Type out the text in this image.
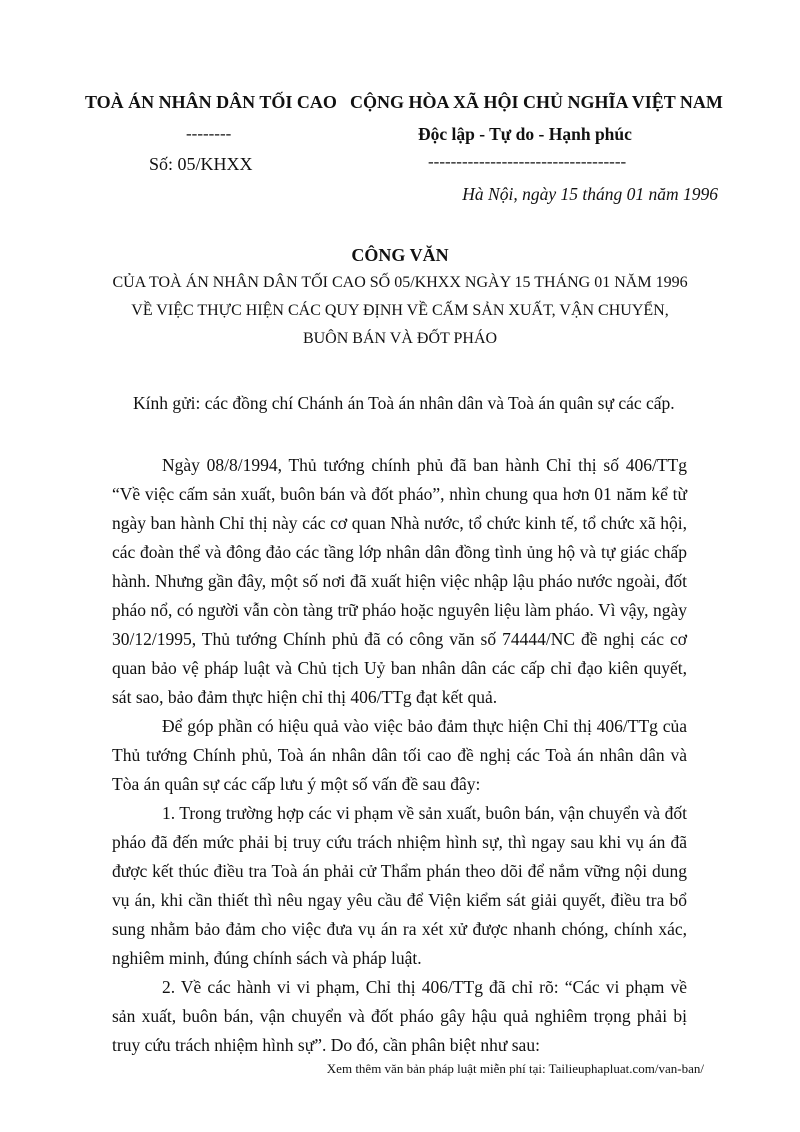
TOÀ ÁN NHÂN DÂN TỐI CAO
--------
Số: 05/KHXX
CỘNG HÒA XÃ HỘI CHỦ NGHĨA VIỆT NAM
Độc lập - Tự do - Hạnh phúc
-----------------------------------
Hà Nội, ngày 15 tháng 01 năm 1996
CÔNG VĂN
CỦA TOÀ ÁN NHÂN DÂN TỐI CAO SỐ 05/KHXX NGÀY 15 THÁNG 01 NĂM 1996
VỀ VIỆC THỰC HIỆN CÁC QUY ĐỊNH VỀ CẤM SẢN XUẤT, VẬN CHUYỂN,
BUÔN BÁN VÀ ĐỐT PHÁO
Kính gửi: các đồng chí Chánh án Toà án nhân dân và Toà án quân sự các cấp.

Ngày 08/8/1994, Thủ tướng chính phủ đã ban hành Chỉ thị số 406/TTg “Về việc cấm sản xuất, buôn bán và đốt pháo”, nhìn chung qua hơn 01 năm kể từ ngày ban hành Chỉ thị này các cơ quan Nhà nước, tổ chức kinh tế, tổ chức xã hội, các đoàn thể và đông đảo các tầng lớp nhân dân đồng tình ủng hộ và tự giác chấp hành. Nhưng gần đây, một số nơi đã xuất hiện việc nhập lậu pháo nước ngoài, đốt pháo nổ, có người vẫn còn tàng trữ pháo hoặc nguyên liệu làm pháo. Vì vậy, ngày 30/12/1995, Thủ tướng Chính phủ đã có công văn số 74444/NC đề nghị các cơ quan bảo vệ pháp luật và Chủ tịch Uỷ ban nhân dân các cấp chỉ đạo kiên quyết, sát sao, bảo đảm thực hiện chỉ thị 406/TTg đạt kết quả.

Để góp phần có hiệu quả vào việc bảo đảm thực hiện Chỉ thị 406/TTg của Thủ tướng Chính phủ, Toà án nhân dân tối cao đề nghị các Toà án nhân dân và Tòa án quân sự các cấp lưu ý một số vấn đề sau đây:

1. Trong trường hợp các vi phạm về sản xuất, buôn bán, vận chuyển và đốt pháo đã đến mức phải bị truy cứu trách nhiệm hình sự, thì ngay sau khi vụ án đã được kết thúc điều tra Toà án phải cử Thẩm phán theo dõi để nắm vững nội dung vụ án, khi cần thiết thì nêu ngay yêu cầu để Viện kiểm sát giải quyết, điều tra bổ sung nhằm bảo đảm cho việc đưa vụ án ra xét xử được nhanh chóng, chính xác, nghiêm minh, đúng chính sách và pháp luật.

2. Về các hành vi vi phạm, Chỉ thị 406/TTg đã chỉ rõ: “Các vi phạm về sản xuất, buôn bán, vận chuyển và đốt pháo gây hậu quả nghiêm trọng phải bị truy cứu trách nhiệm hình sự”. Do đó, cần phân biệt như sau:

Xem thêm văn bản pháp luật miễn phí tại: Tailieuphapluat.com/van-ban/
